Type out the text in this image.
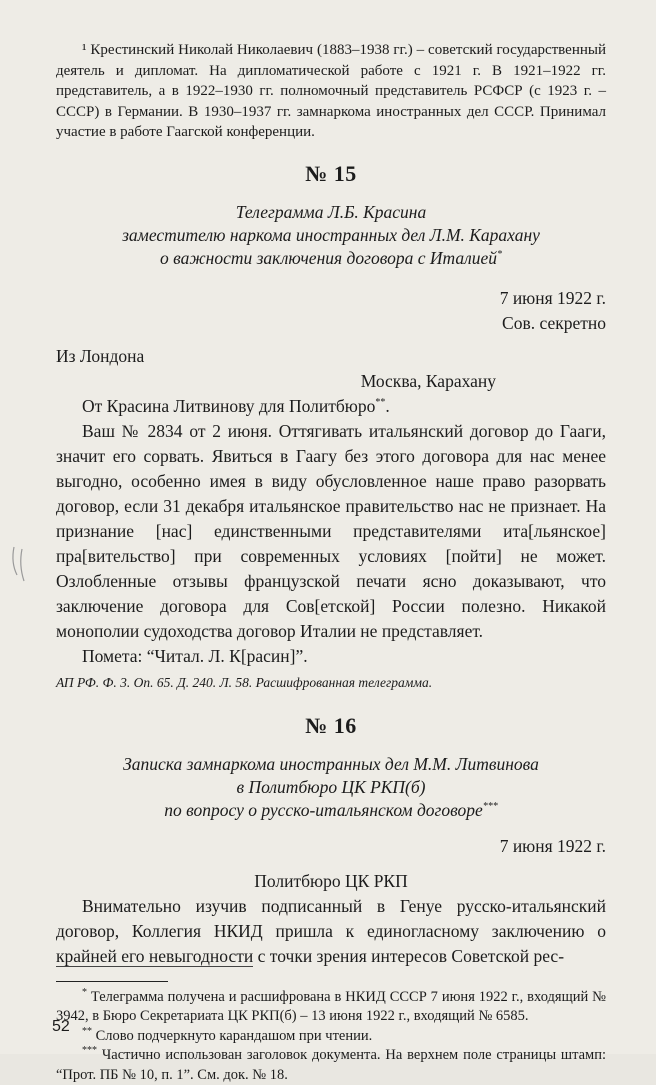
¹ Крестинский Николай Николаевич (1883–1938 гг.) – советский государственный деятель и дипломат. На дипломатической работе с 1921 г. В 1921–1922 гг. представитель, а в 1922–1930 гг. полномочный представитель РСФСР (с 1923 г. – СССР) в Германии. В 1930–1937 гг. замнаркома иностранных дел СССР. Принимал участие в работе Гаагской конференции.

№ 15
Телеграмма Л.Б. Красина
заместителю наркома иностранных дел Л.М. Карахану
о важности заключения договора с Италией*
7 июня 1922 г.
Сов. секретно
Из Лондона
Москва, Карахану
От Красина Литвинову для Политбюро**.

Ваш № 2834 от 2 июня. Оттягивать итальянский договор до Гааги, значит его сорвать. Явиться в Гаагу без этого договора для нас менее выгодно, особенно имея в виду обусловленное наше право разорвать договор, если 31 декабря итальянское правительство нас не признает. На признание [нас] единственными представителями ита[льянское] пра[вительство] при современных условиях [пойти] не может. Озлобленные отзывы французской печати ясно доказывают, что заключение договора для Сов[етской] России полезно. Никакой монополии судоходства договор Италии не представляет.

Помета: “Читал. Л. К[расин]”.

АП РФ. Ф. 3. Оп. 65. Д. 240. Л. 58. Расшифрованная телеграмма.

№ 16
Записка замнаркома иностранных дел М.М. Литвинова
в Политбюро ЦК РКП(б)
по вопросу о русско-итальянском договоре***
7 июня 1922 г.
Политбюро ЦК РКП

Внимательно изучив подписанный в Генуе русско-итальянский договор, Коллегия НКИД пришла к единогласному заключению о крайней его невыгодности с точки зрения интересов Советской рес-

* Телеграмма получена и расшифрована в НКИД СССР 7 июня 1922 г., входящий № 3942, в Бюро Секретариата ЦК РКП(б) – 13 июня 1922 г., входящий № 6585.

** Слово подчеркнуто карандашом при чтении.

*** Частично использован заголовок документа. На верхнем поле страницы штамп: “Прот. ПБ № 10, п. 1”. См. док. № 18.

52
